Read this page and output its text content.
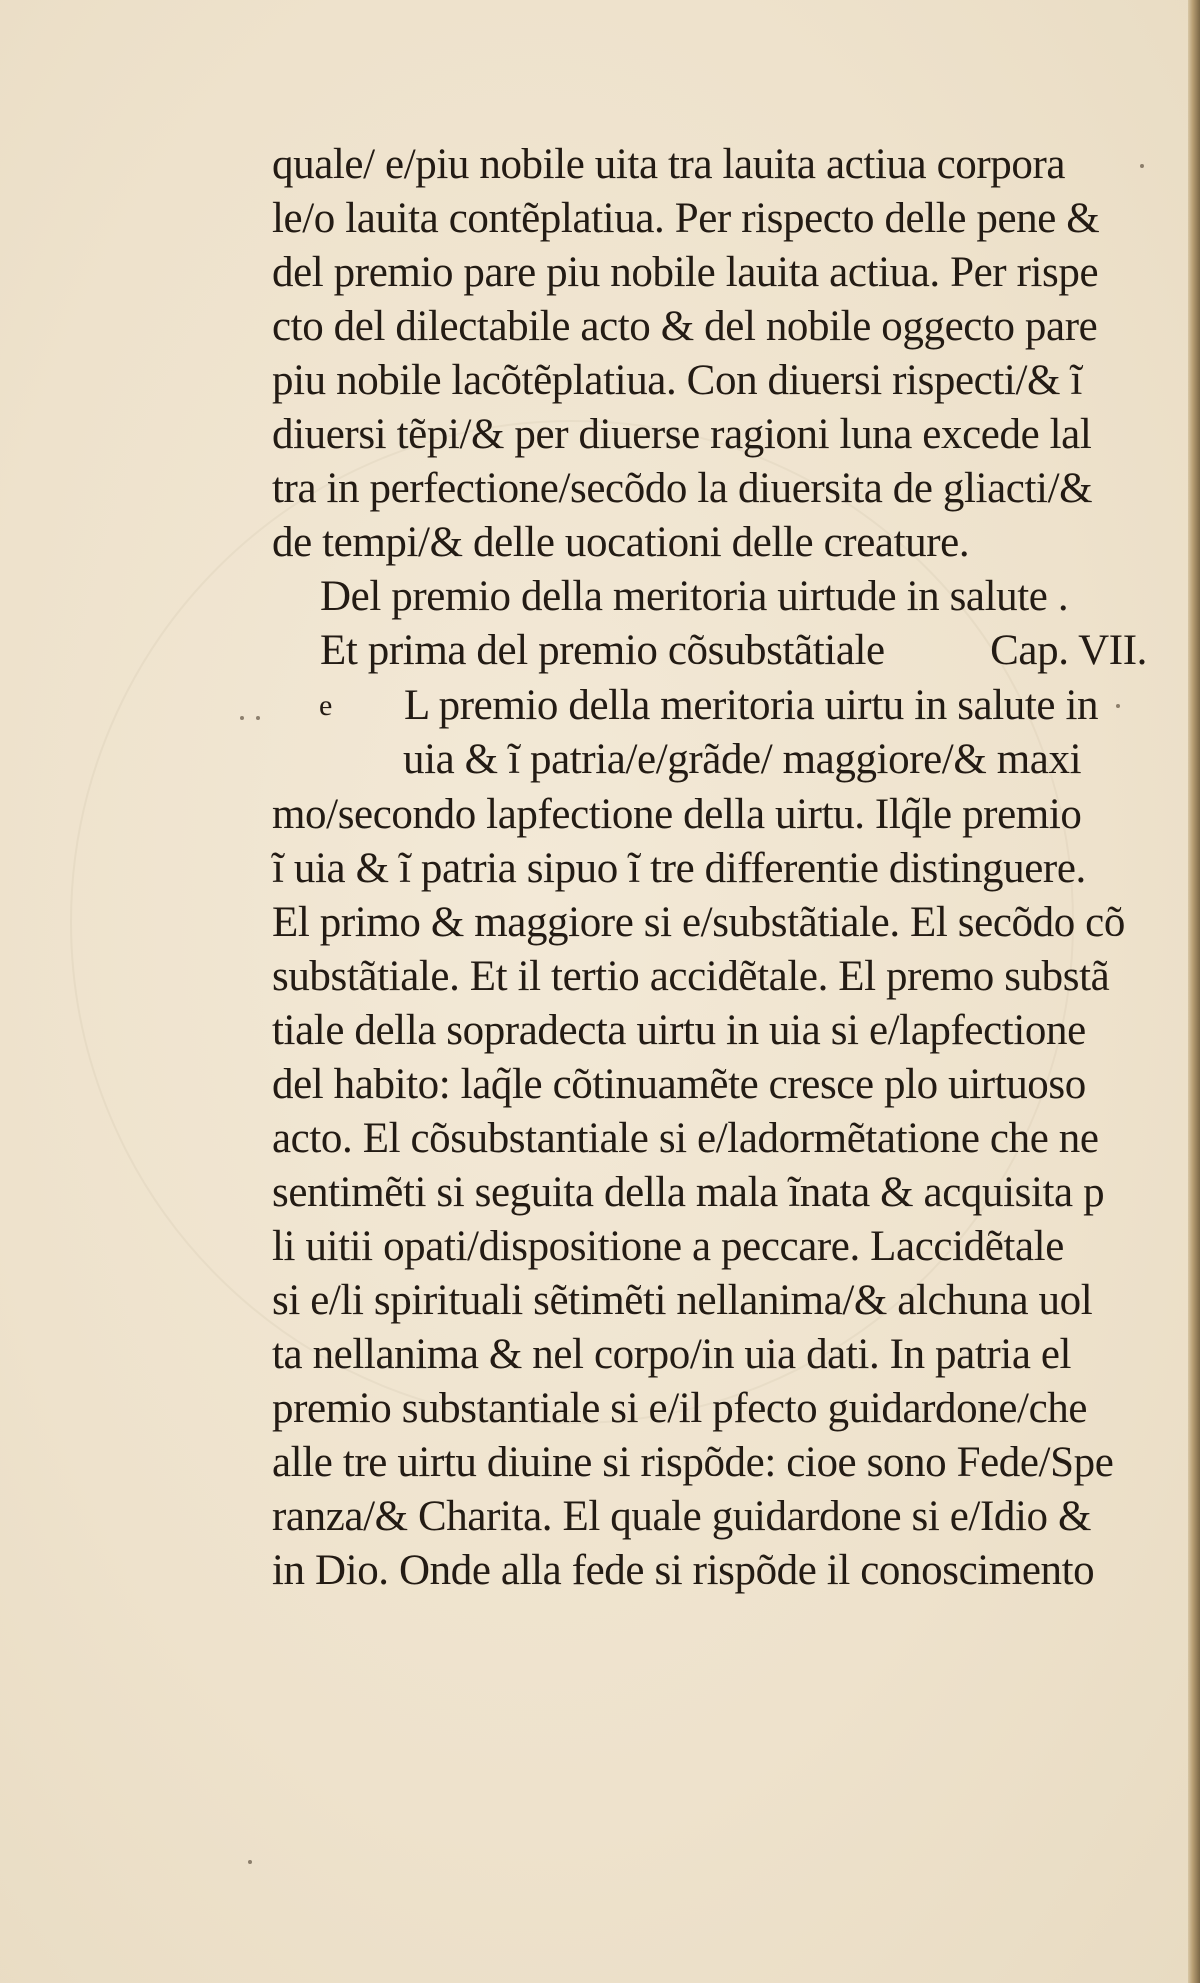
quale/ e/piu nobile uita tra lauita actiua corpora
le/o lauita contẽplatiua. Per rispecto delle pene &
del premio pare piu nobile lauita actiua. Per rispe
cto del dilectabile acto & del nobile oggecto pare
piu nobile lacõtẽplatiua. Con diuersi rispecti/& ĩ
diuersi tẽpi/& per diuerse ragioni luna excede lal
tra in perfectione/secõdo la diuersita de gliacti/&
de tempi/& delle uocationi delle creature.
Del premio della meritoria uirtude in salute .
Et prima del premio cõsubstãtiale Cap. VII.
e L premio della meritoria uirtu in salute in
uia & ĩ patria/e/grãde/ maggiore/& maxi
mo/secondo lapfectione della uirtu. Ilq̃le premio
ĩ uia & ĩ patria sipuo ĩ tre differentie distinguere.
El primo & maggiore si e/substãtiale. El secõdo cõ
substãtiale. Et il tertio accidẽtale. El premo substã
tiale della sopradecta uirtu in uia si e/lapfectione
del habito: laq̃le cõtinuamẽte cresce plo uirtuoso
acto. El cõsubstantiale si e/ladormẽtatione che ne
sentimẽti si seguita della mala ĩnata & acquisita p
li uitii opati/dispositione a peccare. Laccidẽtale
si e/li spirituali sẽtimẽti nellanima/& alchuna uol
ta nellanima & nel corpo/in uia dati. In patria el
premio substantiale si e/il pfecto guidardone/che
alle tre uirtu diuine si rispõde: cioe sono Fede/Spe
ranza/& Charita. El quale guidardone si e/Idio &
in Dio. Onde alla fede si rispõde il conoscimento
